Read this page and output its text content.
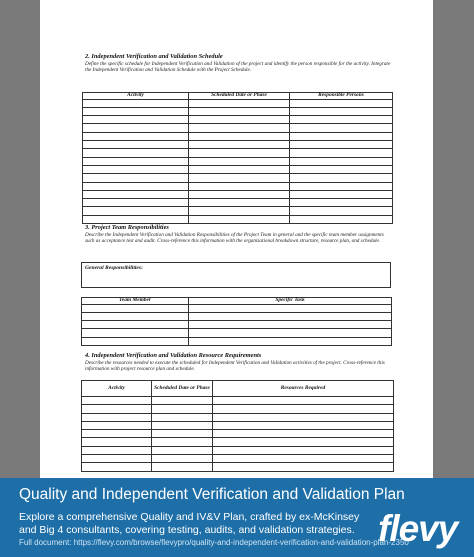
2. Independent Verification and Validation Schedule
Define the specific schedule for Independent Verification and Validation of the project and identify the person responsible for the activity. Integrate the Independent Verification and Validation Schedule with the Project Schedule.
Activity	Scheduled Date or Phase	Responsible Persons

3. Project Team Responsibilities
Describe the Independent Verification and Validation Responsibilities of the Project Team in general and the specific team member assignments such as acceptance test and audit. Cross-reference this information with the organizational breakdown structure, resource plan, and schedule.
General Responsibilities:
Team Member	Specific Task

4. Independent Verification and Validation Resource Requirements
Describe the resources needed to execute the scheduled for Independent Verification and Validation activities of the project. Cross-reference this information with project resource plan and schedule.
Activity	Scheduled Date or Phase	Resources Required

Quality and Independent Verification and Validation Plan
Explore a comprehensive Quality and IV&V Plan, crafted by ex-McKinsey and Big 4 consultants, covering testing, audits, and validation strategies.
Full document: https://flevy.com/browse/flevypro/quality-and-independent-verification-and-validation-plan-2350
flevy
